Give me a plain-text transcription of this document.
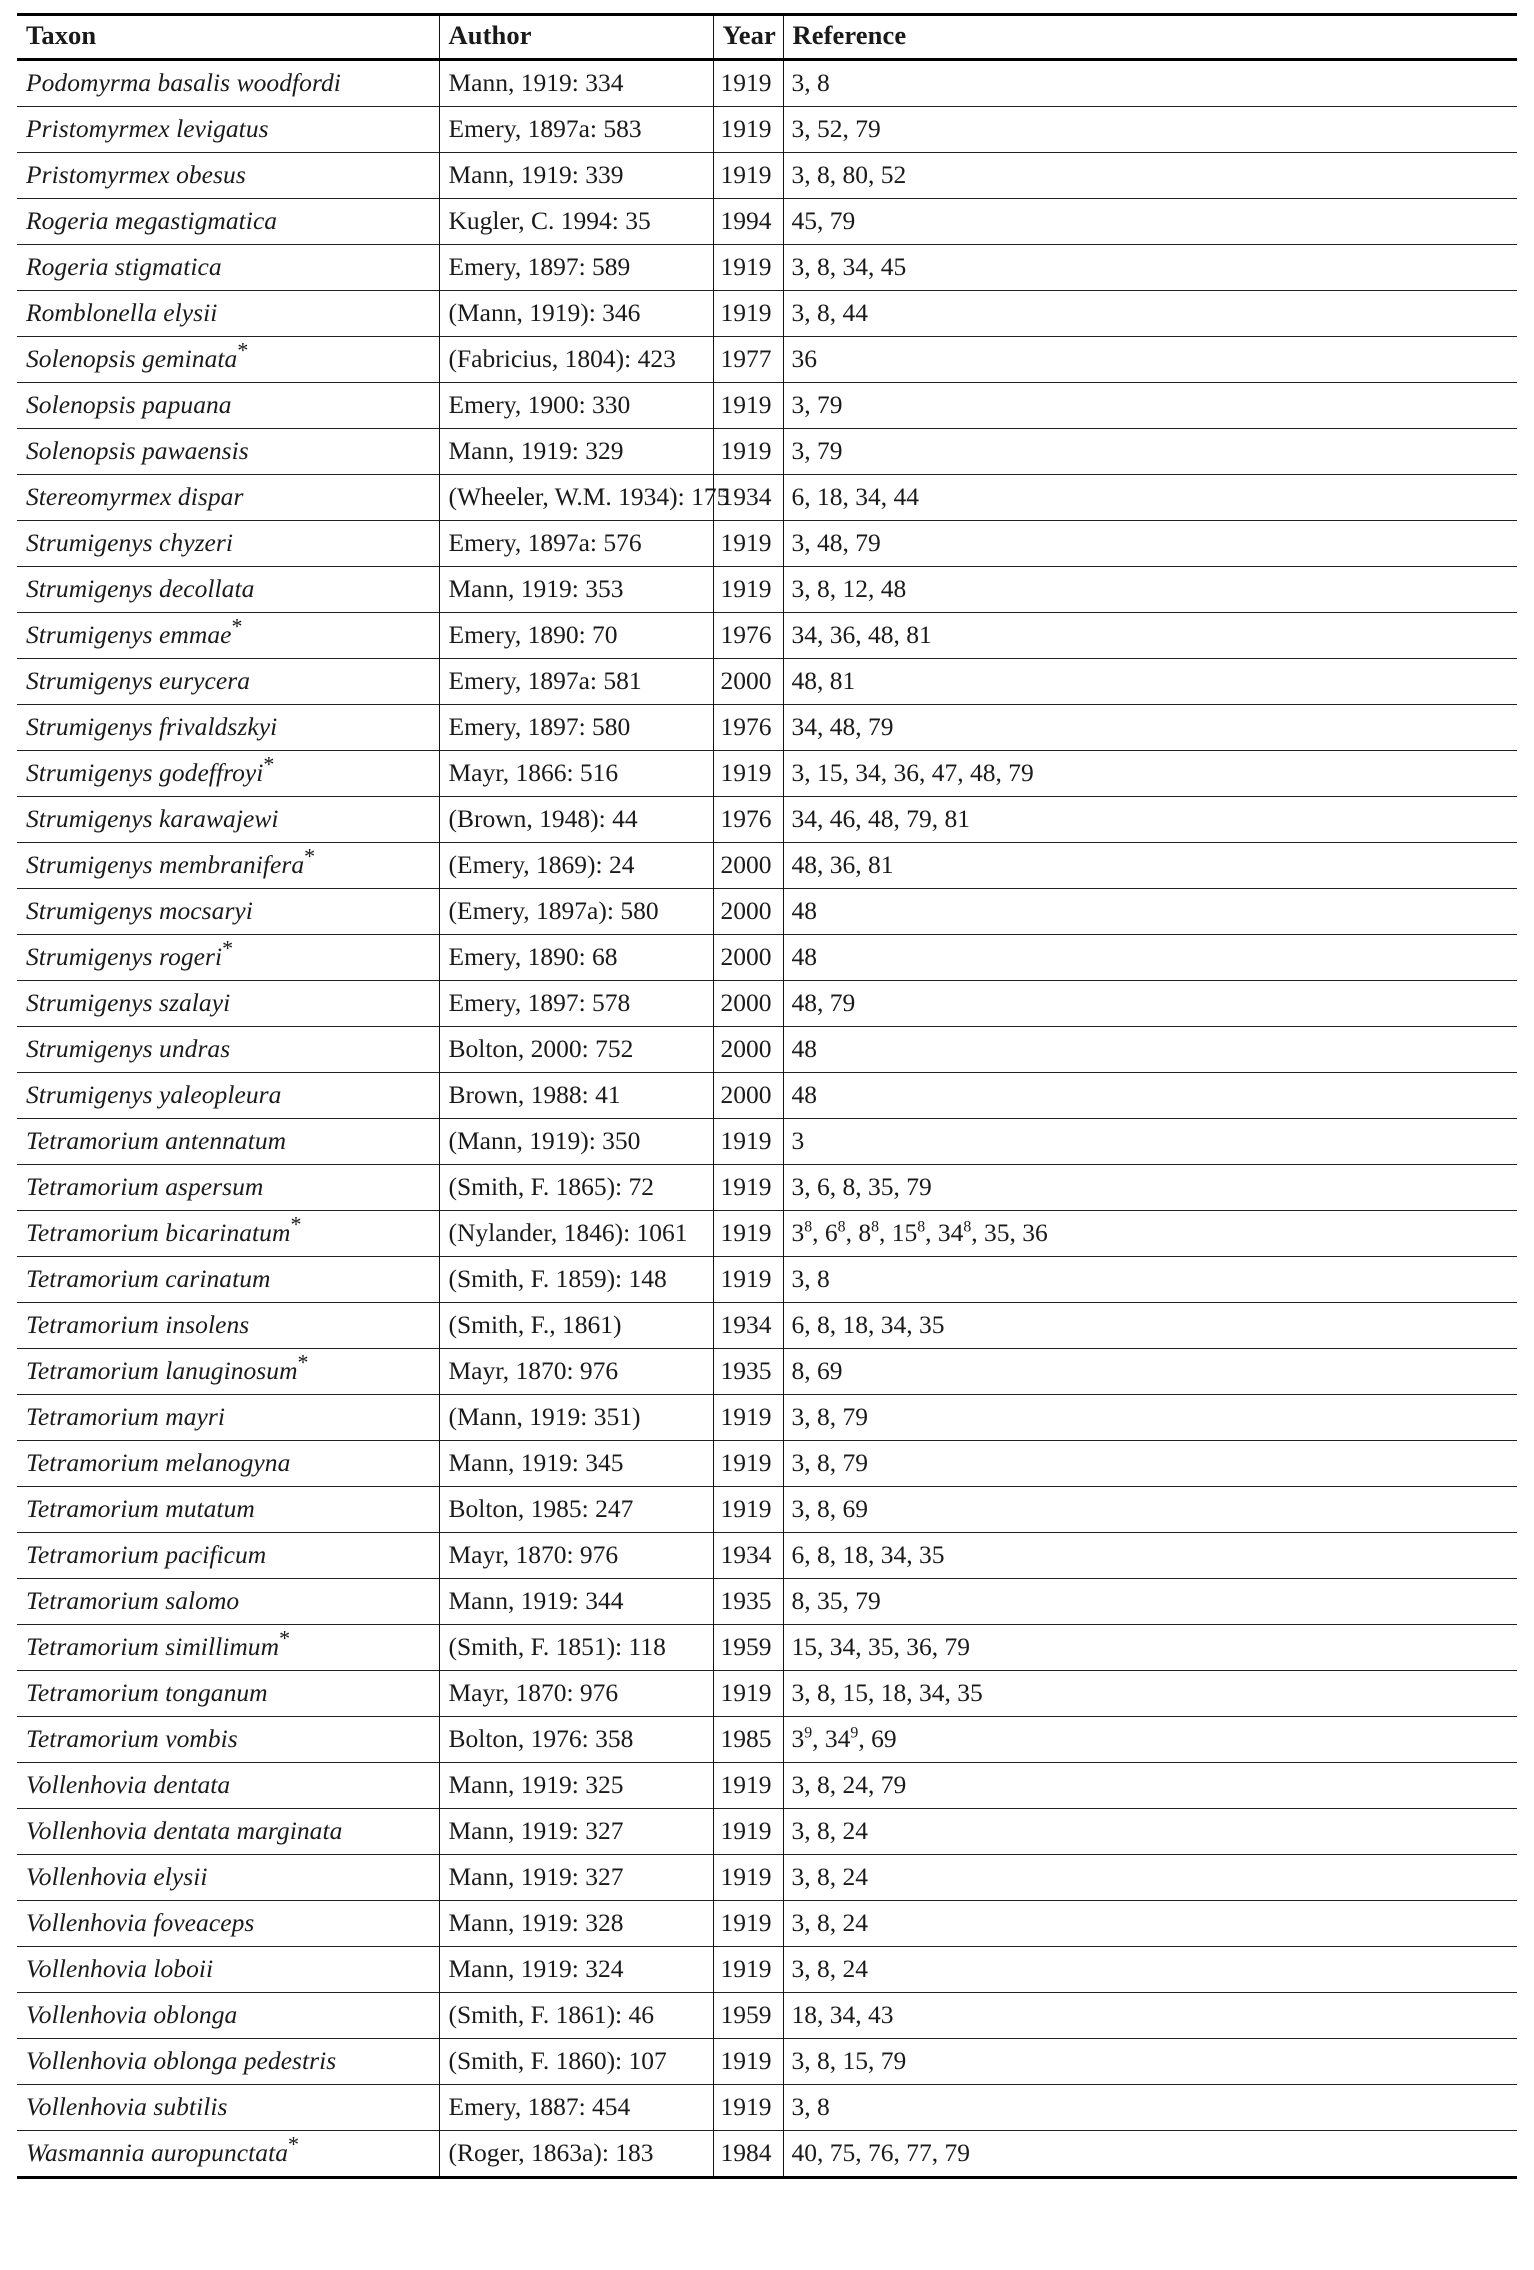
Taxon	Author	Year	Reference
Podomyrma basalis woodfordi	Mann, 1919: 334	1919	3, 8
Pristomyrmex levigatus	Emery, 1897a: 583	1919	3, 52, 79
Pristomyrmex obesus	Mann, 1919: 339	1919	3, 8, 80, 52
Rogeria megastigmatica	Kugler, C. 1994: 35	1994	45, 79
Rogeria stigmatica	Emery, 1897: 589	1919	3, 8, 34, 45
Romblonella elysii	(Mann, 1919): 346	1919	3, 8, 44
Solenopsis geminata*	(Fabricius, 1804): 423	1977	36
Solenopsis papuana	Emery, 1900: 330	1919	3, 79
Solenopsis pawaensis	Mann, 1919: 329	1919	3, 79
Stereomyrmex dispar	(Wheeler, W.M. 1934): 175	1934	6, 18, 34, 44
Strumigenys chyzeri	Emery, 1897a: 576	1919	3, 48, 79
Strumigenys decollata	Mann, 1919: 353	1919	3, 8, 12, 48
Strumigenys emmae*	Emery, 1890: 70	1976	34, 36, 48, 81
Strumigenys eurycera	Emery, 1897a: 581	2000	48, 81
Strumigenys frivaldszkyi	Emery, 1897: 580	1976	34, 48, 79
Strumigenys godeffroyi*	Mayr, 1866: 516	1919	3, 15, 34, 36, 47, 48, 79
Strumigenys karawajewi	(Brown, 1948): 44	1976	34, 46, 48, 79, 81
Strumigenys membranifera*	(Emery, 1869): 24	2000	48, 36, 81
Strumigenys mocsaryi	(Emery, 1897a): 580	2000	48
Strumigenys rogeri*	Emery, 1890: 68	2000	48
Strumigenys szalayi	Emery, 1897: 578	2000	48, 79
Strumigenys undras	Bolton, 2000: 752	2000	48
Strumigenys yaleopleura	Brown, 1988: 41	2000	48
Tetramorium antennatum	(Mann, 1919): 350	1919	3
Tetramorium aspersum	(Smith, F. 1865): 72	1919	3, 6, 8, 35, 79
Tetramorium bicarinatum*	(Nylander, 1846): 1061	1919	$3^8$, $6^8$, $8^8$, $15^8$, $34^8$, 35, 36
Tetramorium carinatum	(Smith, F. 1859): 148	1919	3, 8
Tetramorium insolens	(Smith, F., 1861)	1934	6, 8, 18, 34, 35
Tetramorium lanuginosum*	Mayr, 1870: 976	1935	8, 69
Tetramorium mayri	(Mann, 1919: 351)	1919	3, 8, 79
Tetramorium melanogyna	Mann, 1919: 345	1919	3, 8, 79
Tetramorium mutatum	Bolton, 1985: 247	1919	3, 8, 69
Tetramorium pacificum	Mayr, 1870: 976	1934	6, 8, 18, 34, 35
Tetramorium salomo	Mann, 1919: 344	1935	8, 35, 79
Tetramorium simillimum*	(Smith, F. 1851): 118	1959	15, 34, 35, 36, 79
Tetramorium tonganum	Mayr, 1870: 976	1919	3, 8, 15, 18, 34, 35
Tetramorium vombis	Bolton, 1976: 358	1985	$3^9$, $34^9$, 69
Vollenhovia dentata	Mann, 1919: 325	1919	3, 8, 24, 79
Vollenhovia dentata marginata	Mann, 1919: 327	1919	3, 8, 24
Vollenhovia elysii	Mann, 1919: 327	1919	3, 8, 24
Vollenhovia foveaceps	Mann, 1919: 328	1919	3, 8, 24
Vollenhovia loboii	Mann, 1919: 324	1919	3, 8, 24
Vollenhovia oblonga	(Smith, F. 1861): 46	1959	18, 34, 43
Vollenhovia oblonga pedestris	(Smith, F. 1860): 107	1919	3, 8, 15, 79
Vollenhovia subtilis	Emery, 1887: 454	1919	3, 8
Wasmannia auropunctata*	(Roger, 1863a): 183	1984	40, 75, 76, 77, 79
